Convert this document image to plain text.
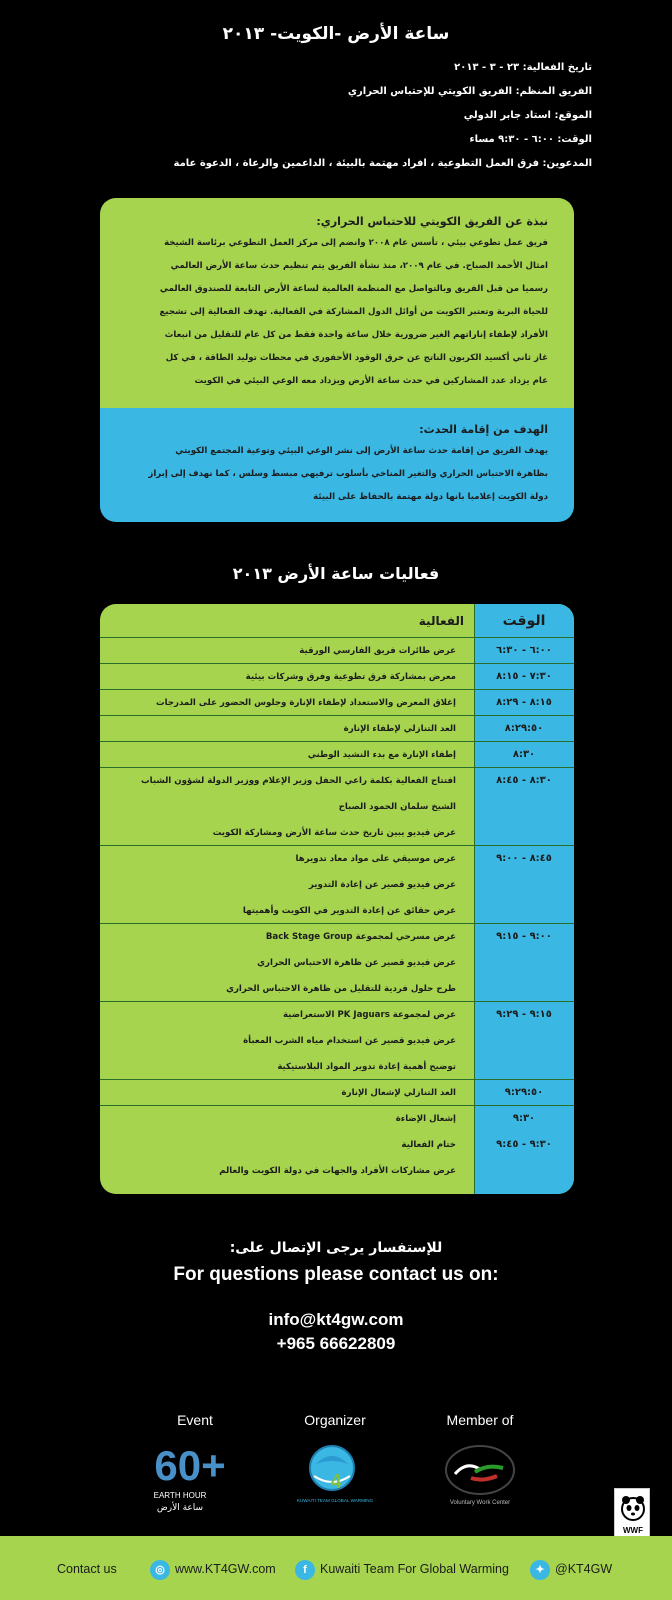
ساعة الأرض -الكويت- ٢٠١٣
تاريخ الفعالية: ٢٣ - ٣ - ٢٠١٣
الفريق المنظم: الفريق الكويتي للإحتباس الحراري
الموقع: استاد جابر الدولي
الوقت: ٦:٠٠ - ٩:٣٠ مساء
المدعوين: فرق العمل التطوعية ، افراد مهتمة بالبيئة ، الداعمين والرعاة ، الدعوة عامة
نبذة عن الفريق الكويتي للاحتباس الحراري:
فريق عمل تطوعي بيئي ، تأسس عام ٢٠٠٨ وانضم إلى مركز العمل التطوعي برئاسة الشيخة
امثال الأحمد الصباح. في عام ٢٠٠٩، منذ نشأة الفريق يتم تنظيم حدث ساعة الأرض العالمي
رسميا من قبل الفريق وبالتواصل مع المنظمة العالمية لساعة الأرض التابعة للصندوق العالمي
للحياة البرية وتعتبر الكويت من أوائل الدول المشاركة في الفعالية. تهدف الفعالية إلى تشجيع
الأفراد لإطفاء إناراتهم الغير ضرورية خلال ساعة واحدة فقط من كل عام للتقليل من انبعاث
غاز ثاني أكسيد الكربون الناتج عن حرق الوقود الأحفوري في محطات توليد الطاقة ، في كل
عام يزداد عدد المشاركين في حدث ساعة الأرض ويزداد معه الوعي البيئي في الكويت
الهدف من إقامة الحدث:
يهدف الفريق من إقامة حدث ساعة الأرض إلى نشر الوعي البيئي وتوعية المجتمع الكويتي
بظاهرة الاحتباس الحراري والتغير المناخي بأسلوب ترفيهي مبسط وسلس ، كما نهدف إلى إبراز
دولة الكويت إعلاميا بانها دولة مهتمة بالحفاظ على البيئة
فعاليات ساعة الأرض ٢٠١٣
الوقت
الفعالية
٦:٠٠ - ٦:٣٠
عرض طائرات فريق الفارسي الورقية
٧:٣٠ - ٨:١٥
معرض بمشاركة فرق تطوعية وفرق وشركات بيئية
٨:١٥ - ٨:٢٩
إغلاق المعرض والاستعداد لإطفاء الإنارة وجلوس الحضور على المدرجات
٨:٢٩:٥٠
العد التنازلي لإطفاء الإنارة
٨:٣٠
إطفاء الإنارة مع بدء النشيد الوطني
٨:٣٠ - ٨:٤٥
افتتاح الفعالية بكلمة راعي الحفل وزير الإعلام ووزير الدولة لشؤون الشباب
الشيخ سلمان الحمود الصباح
عرض فيديو يبين تاريخ حدث ساعة الأرض ومشاركة الكويت
٨:٤٥ - ٩:٠٠
عرض موسيقي على مواد معاد تدويرها
عرض فيديو قصير عن إعادة التدوير
عرض حقائق عن إعادة التدوير في الكويت وأهميتها
٩:٠٠ - ٩:١٥
عرض مسرحي لمجموعة Back Stage Group
عرض فيديو قصير عن ظاهرة الاحتباس الحراري
طرح حلول فردية للتقليل من ظاهرة الاحتباس الحراري
٩:١٥ - ٩:٢٩
عرض لمجموعة PK Jaguars الاستعراضية
عرض فيديو قصير عن استخدام مياه الشرب المعبأة
توضيح أهمية إعادة تدوير المواد البلاستيكية
٩:٢٩:٥٠
العد التنازلي لإشعال الإنارة
٩:٣٠
إشعال الإضاءة
٩:٣٠ - ٩:٤٥
ختام الفعالية
عرض مشاركات الأفراد والجهات في دولة الكويت والعالم
للإستفسار يرجى الإتصال على:
For questions please contact us on:
info@kt4gw.com
+965 66622809
Event
60+
EARTH HOUR
ساعة الأرض
Organizer
4
KUWAITI TEAM GLOBAL WARMING
Member of
Voluntary Work Center
WWF
Contact us	◎ www.KT4GW.com	f	Kuwaiti Team For Global Warming	✦ @KT4GW
